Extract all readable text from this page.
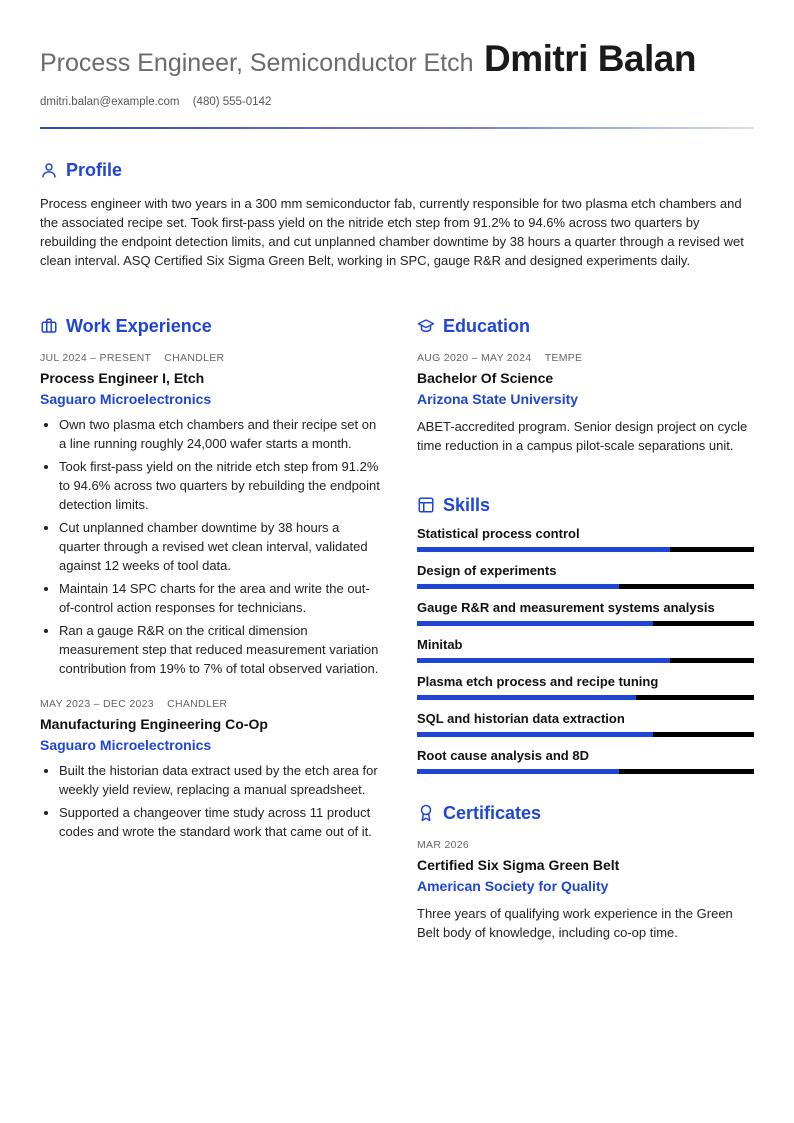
Process Engineer, Semiconductor Etch Dmitri Balan
dmitri.balan@example.com (480) 555-0142
Profile

Process engineer with two years in a 300 mm semiconductor fab, currently responsible for two plasma etch chambers and the associated recipe set. Took first-pass yield on the nitride etch step from 91.2% to 94.6% across two quarters by rebuilding the endpoint detection limits, and cut unplanned chamber downtime by 38 hours a quarter through a revised wet clean interval. ASQ Certified Six Sigma Green Belt, working in SPC, gauge R&R and designed experiments daily.

Work Experience
JUL 2024 – PRESENT CHANDLER
Process Engineer I, Etch
Saguaro Microelectronics
• Own two plasma etch chambers and their recipe set on a line running roughly 24,000 wafer starts a month.
• Took first-pass yield on the nitride etch step from 91.2% to 94.6% across two quarters by rebuilding the endpoint detection limits.
• Cut unplanned chamber downtime by 38 hours a quarter through a revised wet clean interval, validated against 12 weeks of tool data.
• Maintain 14 SPC charts for the area and write the out-of-control action responses for technicians.
• Ran a gauge R&R on the critical dimension measurement step that reduced measurement variation contribution from 19% to 7% of total observed variation.
MAY 2023 – DEC 2023 CHANDLER
Manufacturing Engineering Co-Op
Saguaro Microelectronics
• Built the historian data extract used by the etch area for weekly yield review, replacing a manual spreadsheet.
• Supported a changeover time study across 11 product codes and wrote the standard work that came out of it.
Education
AUG 2020 – MAY 2024 TEMPE
Bachelor Of Science
Arizona State University
ABET-accredited program. Senior design project on cycle time reduction in a campus pilot-scale separations unit.
Skills
Statistical process control
Design of experiments
Gauge R&R and measurement systems analysis
Minitab
Plasma etch process and recipe tuning
SQL and historian data extraction
Root cause analysis and 8D
Certificates
MAR 2026
Certified Six Sigma Green Belt
American Society for Quality
Three years of qualifying work experience in the Green Belt body of knowledge, including co-op time.
